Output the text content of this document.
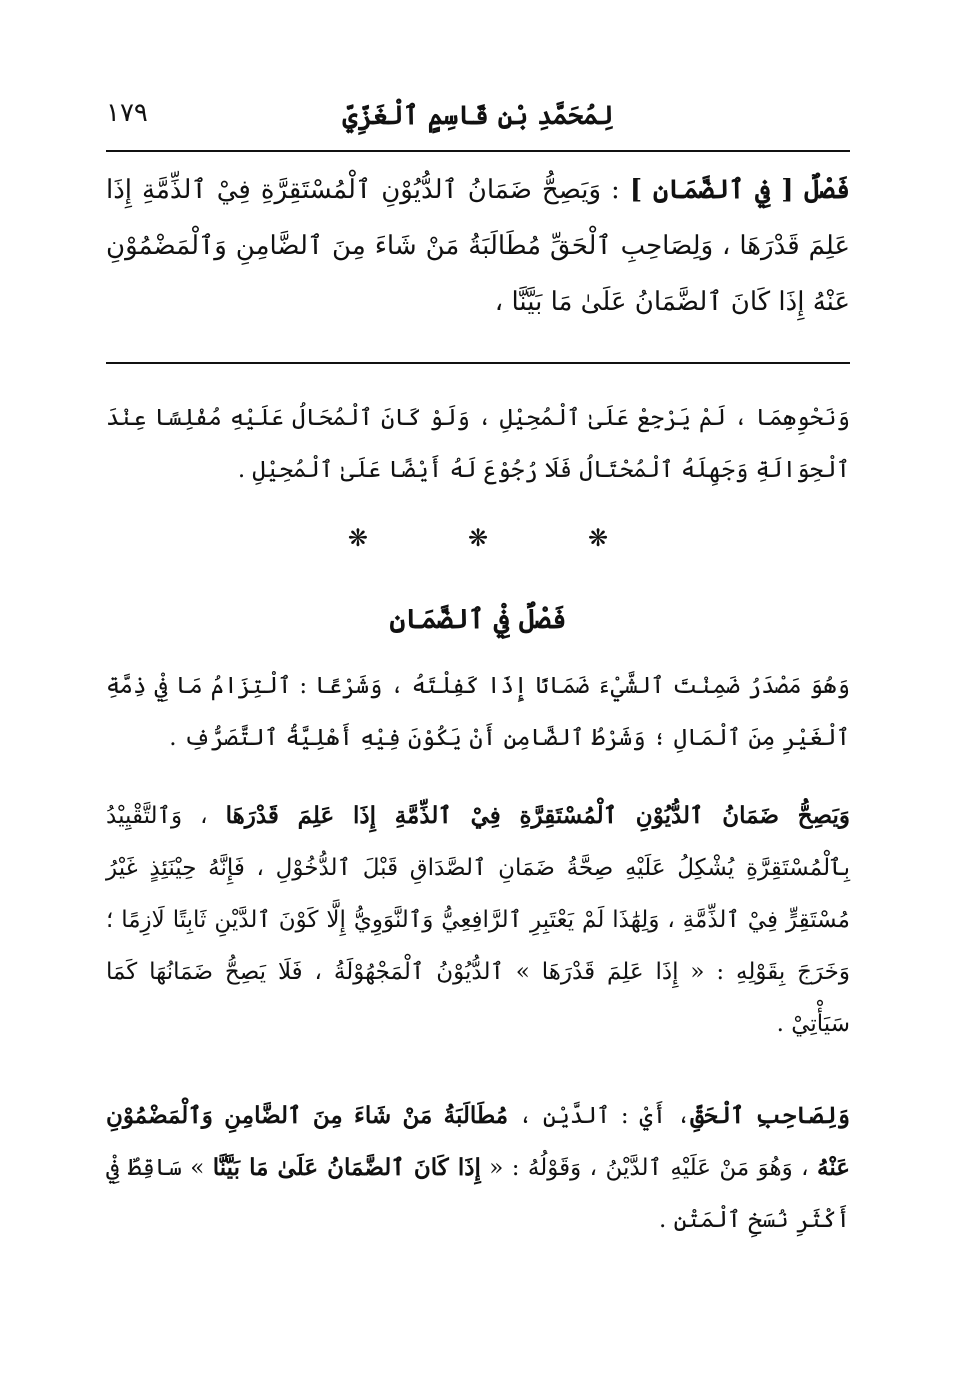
١٧٩	لِمُحَمَّدِ بْنِ قَاسِمٍ ٱلْغَزِّيِّ

فَصْلٌ [ فِي ٱلضَّمَانِ ] : وَيَصِحُّ ضَمَانُ ٱلدُّيُوْنِ ٱلْمُسْتَقِرَّةِ فِيْ ٱلذِّمَّةِ إِذَا عَلِمَ قَدْرَهَا ، وَلِصَاحِبِ ٱلْحَقِّ مُطَالَبَةُ مَنْ شَاءَ مِنَ ٱلضَّامِنِ وَٱلْمَضْمُوْنِ عَنْهُ إِذَا كَانَ ٱلضَّمَانُ عَلَىٰ مَا بَيَّنَّا ،

وَنَحْوِهِمَا ، لَمْ يَرْجِعْ عَلَىٰ ٱلْمُحِيْلِ ، وَلَوْ كَانَ ٱلْمُحَالُ عَلَيْهِ مُفْلِسًا عِنْدَ ٱلْحِوَالَةِ وَجَهِلَهُ ٱلْمُحْتَالُ فَلَا رُجُوْعَ لَهُ أَيْضًا عَلَىٰ ٱلْمُحِيْلِ .

❋	❋	❋
فَصْلٌ فِيْ ٱلضَّمَانِ

وَهُوَ مَصْدَرُ ضَمِنْتَ ٱلشَّيْءَ ضَمَانًا إِذَا كَفِلْتَهُ ، وَشَرْعًا : ٱلْتِزَامُ مَا فِيْ ذِمَّةِ ٱلْغَيْرِ مِنَ ٱلْمَالِ ؛ وَشَرْطُ ٱلضَّامِنِ أَنْ يَكُوْنَ فِيْهِ أَهْلِيَّةُ ٱلتَّصَرُّفِ .

وَيَصِحُّ ضَمَانُ ٱلدُّيُوْنِ ٱلْمُسْتَقِرَّةِ فِيْ ٱلذِّمَّةِ إِذَا عَلِمَ قَدْرَهَا ، وَٱلتَّقْيِيْدُ بِٱلْمُسْتَقِرَّةِ يُشْكِلُ عَلَيْهِ صِحَّةُ ضَمَانِ ٱلصَّدَاقِ قَبْلَ ٱلدُّخُوْلِ ، فَإِنَّهُ حِيْنَئِذٍ غَيْرُ مُسْتَقِرٍّ فِيْ ٱلذِّمَّةِ ، وَلِهَٰذَا لَمْ يَعْتَبِرِ ٱلرَّافِعِيُّ وَٱلنَّوَوِيُّ إِلَّا كَوْنَ ٱلدَّيْنِ ثَابِتًا لَازِمًا ؛ وَخَرَجَ بِقَوْلِهِ : « إِذَا عَلِمَ قَدْرَهَا » ٱلدُّيُوْنُ ٱلْمَجْهُوْلَةُ ، فَلَا يَصِحُّ ضَمَانُهَا كَمَا سَيَأْتِيْ .

وَلِصَاحِبِ ٱلْحَقِّ، أَيْ : ٱلدَّيْنِ ، مُطَالَبَةُ مَنْ شَاءَ مِنَ ٱلضَّامِنِ وَٱلْمَضْمُوْنِ عَنْهُ ، وَهُوَ مَنْ عَلَيْهِ ٱلدَّيْنُ ، وَقَوْلُهُ : « إِذَا كَانَ ٱلضَّمَانُ عَلَىٰ مَا بَيَّنَّا » سَاقِطٌ فِيْ أَكْثَرِ نُسَخِ ٱلْمَتْنِ .
